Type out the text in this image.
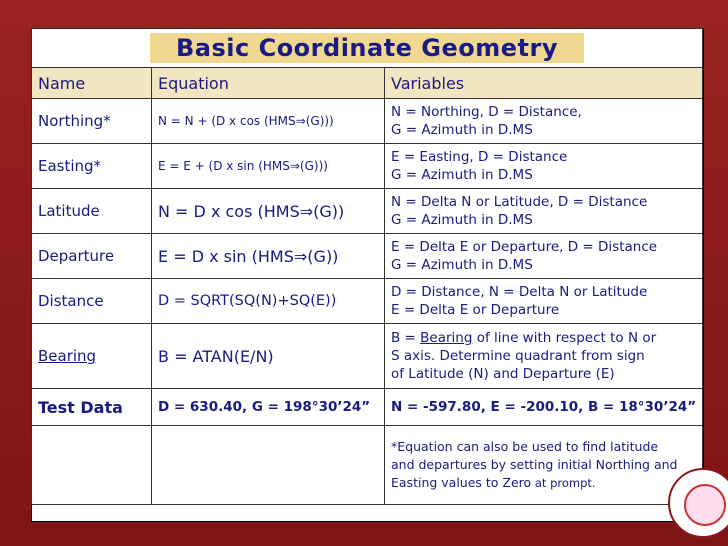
Basic Coordinate Geometry		

Name	Equation	Variables
Northing*	N = N + (D x cos (HMS⇒(G)))	N = Northing, D = Distance,
G = Azimuth in D.MS

Easting*	E = E + (D x sin (HMS⇒(G)))	E = Easting, D = Distance
G = Azimuth in D.MS

Latitude	N = D x cos (HMS⇒(G))	N = Delta N or Latitude, D = Distance
G = Azimuth in D.MS

Departure	E = D x sin (HMS⇒(G))	E = Delta E or Departure, D = Distance
G = Azimuth in D.MS

Distance	D = SQRT(SQ(N)+SQ(E))	D = Distance, N = Delta N or Latitude
E = Delta E or Departure

Bearing	B = ATAN(E/N)	B = Bearing of line with respect to N or
S axis. Determine quadrant from sign
of Latitude (N) and Departure (E)

Test Data	D = 630.40, G = 198°30’24”	N = -597.80, E = -200.10, B = 18°30’24”

		*Equation can also be used to find latitude
and departures by setting initial Northing and
Easting values to Zero at prompt.
